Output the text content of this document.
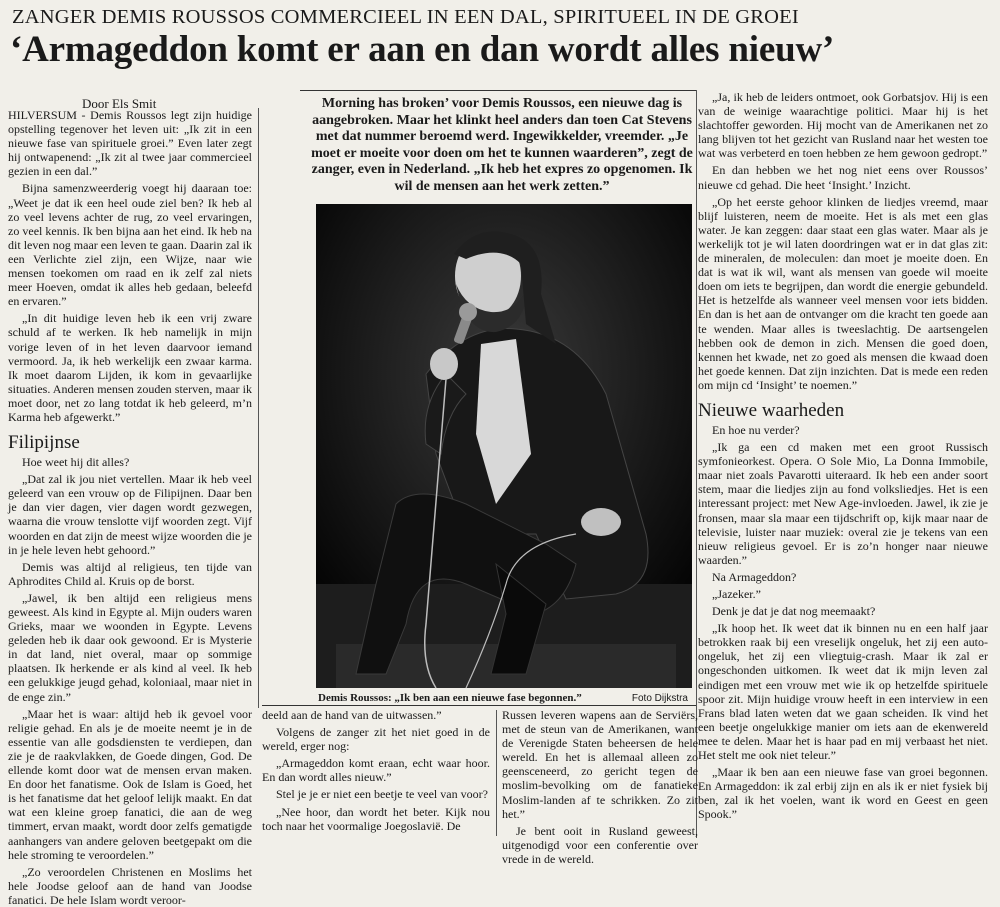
ZANGER DEMIS ROUSSOS COMMERCIEEL IN EEN DAL, SPIRITUEEL IN DE GROEI
‘Armageddon komt er aan en dan wordt alles nieuw’
Door Els Smit

HILVERSUM - Demis Roussos legt zijn huidige opstelling tegenover het leven uit: „Ik zit in een nieuwe fase van spirituele groei.” Even later zegt hij ontwapenend: „Ik zit al twee jaar commercieel gezien in een dal.”

Bijna samenzweerderig voegt hij daaraan toe: „Weet je dat ik een heel oude ziel ben? Ik heb al zo veel levens achter de rug, zo veel ervaringen, zo veel kennis. Ik ben bijna aan het eind. Ik heb na dit leven nog maar een leven te gaan. Daarin zal ik een Verlichte ziel zijn, een Wijze, naar wie mensen toekomen om raad en ik zelf zal niets meer Hoeven, omdat ik alles heb gedaan, beleefd en ervaren.”

„In dit huidige leven heb ik een vrij zware schuld af te werken. Ik heb namelijk in mijn vorige leven of in het leven daarvoor iemand vermoord. Ja, ik heb werkelijk een zwaar karma. Ik moet daarom Lijden, ik kom in gevaarlijke situaties. Anderen mensen zouden sterven, maar ik moet door, net zo lang totdat ik heb geleerd, m’n Karma heb afgewerkt.”

Filipijnse

Hoe weet hij dit alles?

„Dat zal ik jou niet vertellen. Maar ik heb veel geleerd van een vrouw op de Filipijnen. Daar ben je dan vier dagen, vier dagen wordt gezwegen, waarna die vrouw tenslotte vijf woorden zegt. Vijf woorden en dat zijn de meest wijze woorden die je in je hele leven hebt gehoord.”

Demis was altijd al religieus, ten tijde van Aphrodites Child al. Kruis op de borst.

„Jawel, ik ben altijd een religieus mens geweest. Als kind in Egypte al. Mijn ouders waren Grieks, maar we woonden in Egypte. Levens geleden heb ik daar ook gewoond. Er is Mysterie in dat land, niet overal, maar op sommige plaatsen. Ik herkende er als kind al veel. Ik heb een gelukkige jeugd gehad, koloniaal, maar niet in de enge zin.”

„Maar het is waar: altijd heb ik gevoel voor religie gehad. En als je de moeite neemt je in de essentie van alle godsdiensten te verdiepen, dan zie je de raakvlakken, de Goede dingen, God. De ellende komt door wat de mensen ervan maken. En door het fanatisme. Ook de Islam is Goed, het is het fanatisme dat het geloof lelijk maakt. En dat wat een kleine groep fanatici, die aan de weg timmert, ervan maakt, wordt door zelfs gematigde aanhangers van andere geloven beetgepakt om die hele stroming te veroordelen.”

„Zo veroordelen Christenen en Moslims het hele Joodse geloof aan de hand van Joodse fanatici. De hele Islam wordt veroor-

Morning has broken’ voor Demis Roussos, een nieuwe dag is aangebroken. Maar het klinkt heel anders dan toen Cat Stevens met dat nummer beroemd werd. Ingewikkelder, vreemder. „Je moet er moeite voor doen om het te kunnen waarderen”, zegt de zanger, even in Nederland. „Ik heb het expres zo opgenomen. Ik wil de mensen aan het werk zetten.”
Demis Roussos: „Ik ben aan een nieuwe fase begonnen.”	Foto Dijkstra

deeld aan de hand van de uitwassen.”

Volgens de zanger zit het niet goed in de wereld, erger nog:

„Armageddon komt eraan, echt waar hoor. En dan wordt alles nieuw.”

Stel je je er niet een beetje te veel van voor?

„Nee hoor, dan wordt het beter. Kijk nou toch naar het voormalige Joegoslavië. De

Russen leveren wapens aan de Serviërs, met de steun van de Amerikanen, want de Verenigde Staten beheersen de hele wereld. En het is allemaal alleen zo geensceneerd, zo gericht tegen de moslim-bevolking om de fanatieke Moslim-landen af te schrikken. Zo zit het.”

Je bent ooit in Rusland geweest, uitgenodigd voor een conferentie over vrede in de wereld.

„Ja, ik heb de leiders ontmoet, ook Gorbatsjov. Hij is een van de weinige waarachtige politici. Maar hij is het slachtoffer geworden. Hij mocht van de Amerikanen net zo lang blijven tot het gezicht van Rusland naar het westen toe wat was verbeterd en toen hebben ze hem gewoon gedropt.”

En dan hebben we het nog niet eens over Roussos’ nieuwe cd gehad. Die heet ‘Insight.’ Inzicht.

„Op het eerste gehoor klinken de liedjes vreemd, maar blijf luisteren, neem de moeite. Het is als met een glas water. Je kan zeggen: daar staat een glas water. Maar als je werkelijk tot je wil laten doordringen wat er in dat glas zit: de mineralen, de moleculen: dan moet je moeite doen. En dat is wat ik wil, want als mensen van goede wil moeite doen om iets te begrijpen, dan wordt die energie gebundeld. Het is hetzelfde als wanneer veel mensen voor iets bidden. En dan is het aan de ontvanger om die kracht ten goede aan te wenden. Maar alles is tweeslachtig. De aartsengelen hebben ook de demon in zich. Mensen die goed doen, kennen het kwade, net zo goed als mensen die kwaad doen het goede kennen. Dat zijn inzichten. Dat is mede een reden om mijn cd ‘Insight’ te noemen.”

Nieuwe waarheden

En hoe nu verder?

„Ik ga een cd maken met een groot Russisch symfonieorkest. Opera. O Sole Mio, La Donna Immobile, maar niet zoals Pavarotti uiteraard. Ik heb een ander soort stem, maar die liedjes zijn au fond volksliedjes. Het is een interessant project: met New Age-invloeden. Jawel, ik zie je fronsen, maar sla maar een tijdschrift op, kijk maar naar de televisie, luister naar muziek: overal zie je tekens van een nieuw religieus gevoel. Er is zo’n honger naar nieuwe waarden.”

Na Armageddon?

„Jazeker.”

Denk je dat je dat nog meemaakt?

„Ik hoop het. Ik weet dat ik binnen nu en een half jaar betrokken raak bij een vreselijk ongeluk, het zij een auto-ongeluk, het zij een vliegtuig-crash. Maar ik zal er ongeschonden uitkomen. Ik weet dat ik mijn leven zal eindigen met een vrouw met wie ik op hetzelfde spirituele spoor zit. Mijn huidige vrouw heeft in een interview in een Frans blad laten weten dat we gaan scheiden. Ik vind het een beetje ongelukkige manier om iets aan de ekenwereld mee te delen. Maar het is haar pad en mij verbaast het niet. Het stelt me ook niet teleur.”

„Maar ik ben aan een nieuwe fase van groei begonnen. En Armageddon: ik zal erbij zijn en als ik er niet fysiek bij ben, zal ik het voelen, want ik word en Geest en geen Spook.”
